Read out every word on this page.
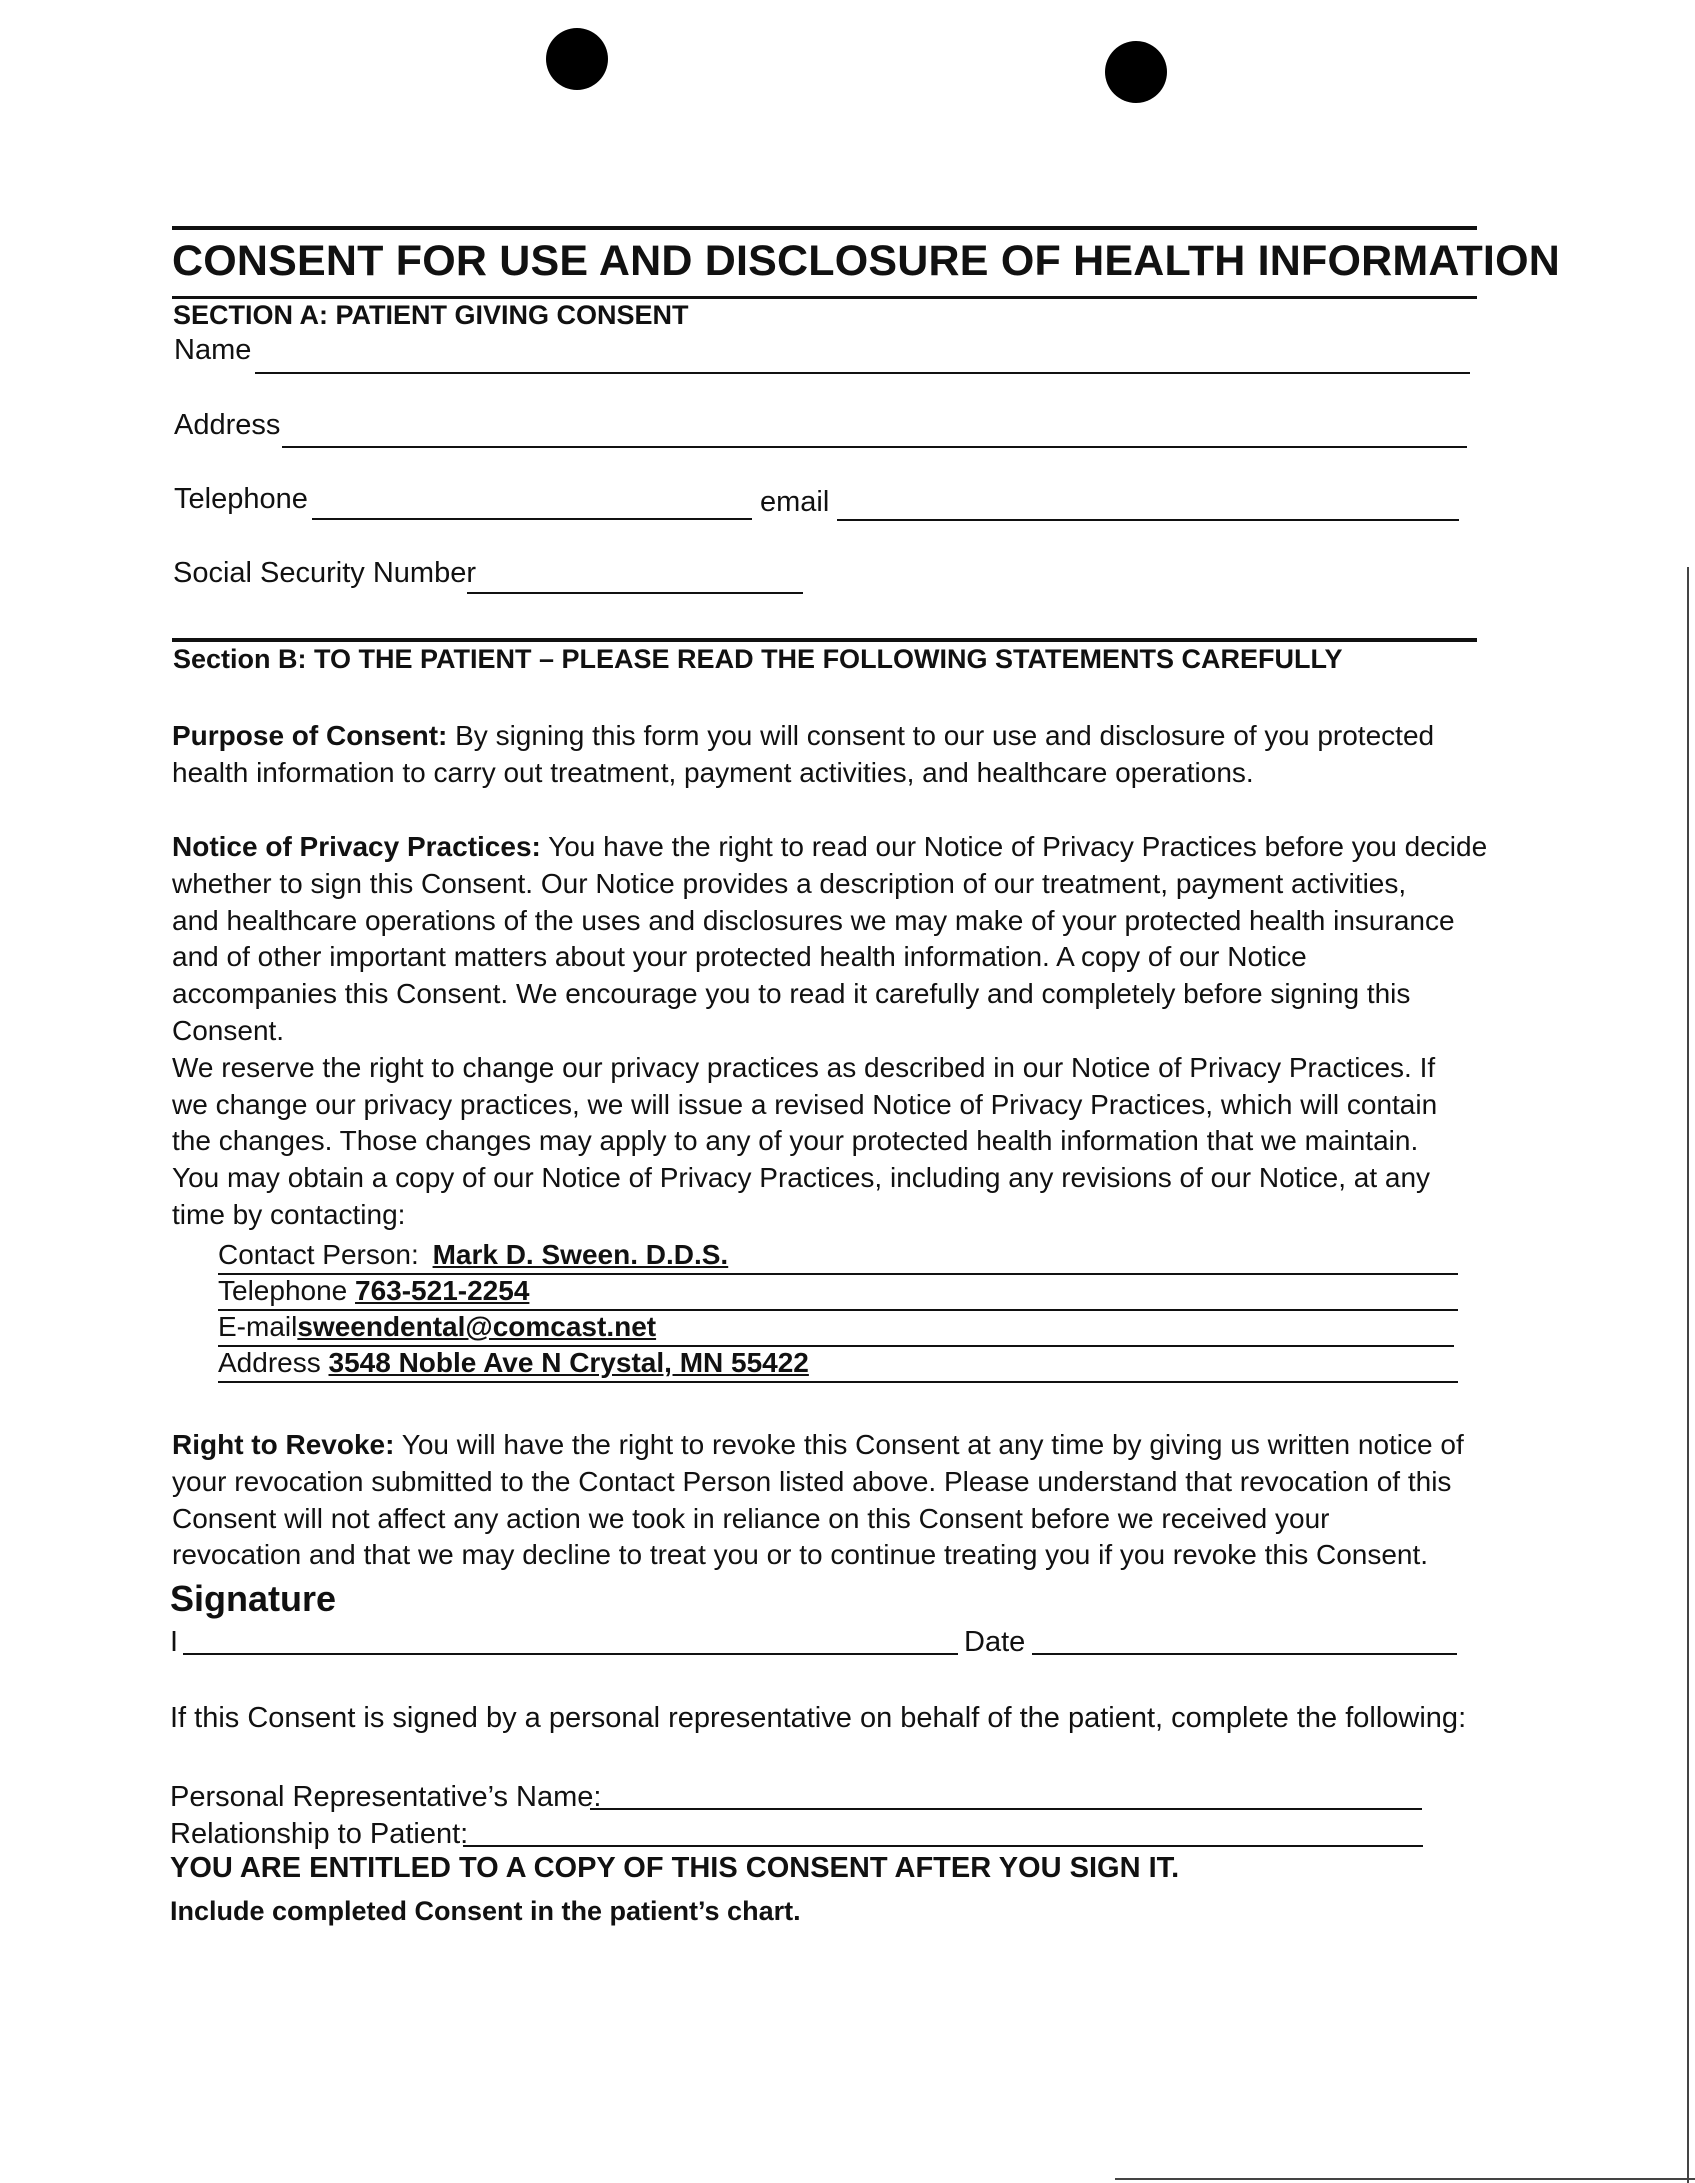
CONSENT FOR USE AND DISCLOSURE OF HEALTH INFORMATION
SECTION A: PATIENT GIVING CONSENT
Name
Address
Telephone	email
Social Security Number
Section B: TO THE PATIENT – PLEASE READ THE FOLLOWING STATEMENTS CAREFULLY

Purpose of Consent: By signing this form you will consent to our use and disclosure of you protected

health information to carry out treatment, payment activities, and healthcare operations.

Notice of Privacy Practices: You have the right to read our Notice of Privacy Practices before you decide

whether to sign this Consent. Our Notice provides a description of our treatment, payment activities,

and healthcare operations of the uses and disclosures we may make of your protected health insurance

and of other important matters about your protected health information. A copy of our Notice

accompanies this Consent. We encourage you to read it carefully and completely before signing this

Consent.

We reserve the right to change our privacy practices as described in our Notice of Privacy Practices. If

we change our privacy practices, we will issue a revised Notice of Privacy Practices, which will contain

the changes. Those changes may apply to any of your protected health information that we maintain.

You may obtain a copy of our Notice of Privacy Practices, including any revisions of our Notice, at any

time by contacting:

Contact Person: Mark D. Sween. D.D.S.
Telephone 763-521-2254
E-mailsweendental@comcast.net
Address 3548 Noble Ave N Crystal, MN 55422

Right to Revoke: You will have the right to revoke this Consent at any time by giving us written notice of

your revocation submitted to the Contact Person listed above. Please understand that revocation of this

Consent will not affect any action we took in reliance on this Consent before we received your

revocation and that we may decline to treat you or to continue treating you if you revoke this Consent.

Signature
I	Date
If this Consent is signed by a personal representative on behalf of the patient, complete the following:
Personal Representative’s Name:
Relationship to Patient:
YOU ARE ENTITLED TO A COPY OF THIS CONSENT AFTER YOU SIGN IT.
Include completed Consent in the patient’s chart.
